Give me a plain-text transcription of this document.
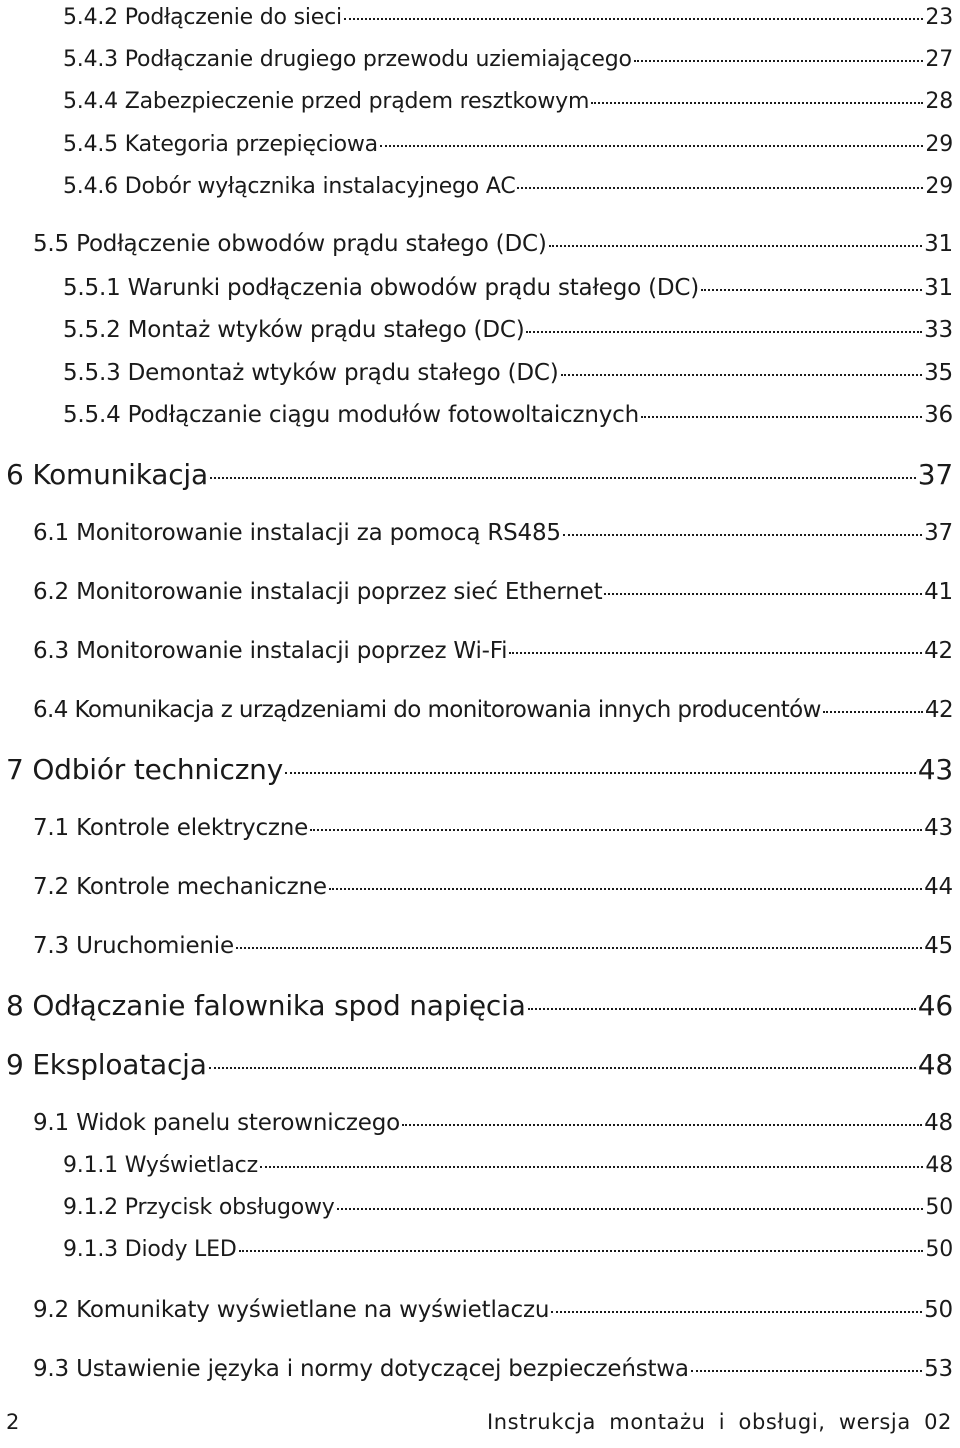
5.4.2 Podłączenie do sieci	23
5.4.3 Podłączanie drugiego przewodu uziemiającego	27
5.4.4 Zabezpieczenie przed prądem resztkowym	28
5.4.5 Kategoria przepięciowa	29
5.4.6 Dobór wyłącznika instalacyjnego AC	29
5.5 Podłączenie obwodów prądu stałego (DC)	31
5.5.1 Warunki podłączenia obwodów prądu stałego (DC)	31
5.5.2 Montaż wtyków prądu stałego (DC)	33
5.5.3 Demontaż wtyków prądu stałego (DC)	35
5.5.4 Podłączanie ciągu modułów fotowoltaicznych	36
6 Komunikacja	37
6.1 Monitorowanie instalacji za pomocą RS485	37
6.2 Monitorowanie instalacji poprzez sieć Ethernet	41
6.3 Monitorowanie instalacji poprzez Wi-Fi	42
6.4 Komunikacja z urządzeniami do monitorowania innych producentów	42
7 Odbiór techniczny	43
7.1 Kontrole elektryczne	43
7.2 Kontrole mechaniczne	44
7.3 Uruchomienie	45
8 Odłączanie falownika spod napięcia	46
9 Eksploatacja	48
9.1 Widok panelu sterowniczego	48
9.1.1 Wyświetlacz	48
9.1.2 Przycisk obsługowy	50
9.1.3 Diody LED	50
9.2 Komunikaty wyświetlane na wyświetlaczu	50
9.3 Ustawienie języka i normy dotyczącej bezpieczeństwa	53
2	Instrukcja montażu i obsługi, wersja 02
